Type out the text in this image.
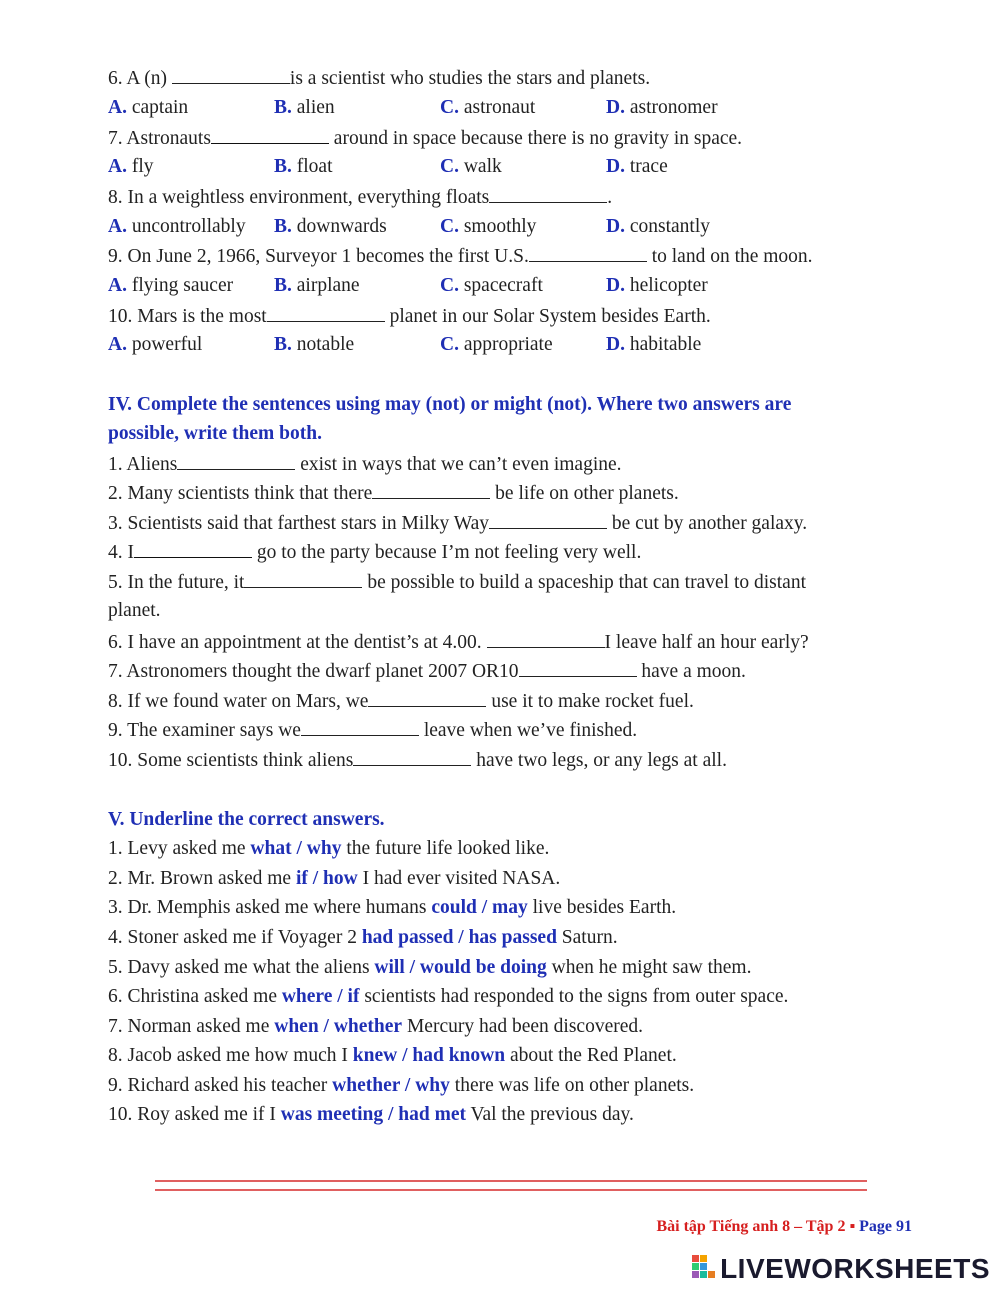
6. A (n)	is a scientist who studies the stars and planets.
A. captain	B. alien	C. astronaut	D. astronomer
7. Astronauts	around in space because there is no gravity in space.
A. fly	B. float	C. walk	D. trace
8. In a weightless environment, everything floats	.
A. uncontrollably B. downwards	C. smoothly	D. constantly
9. On June 2, 1966, Surveyor 1 becomes the first U.S.	to land on the moon.
A. flying saucer B. airplane	C. spacecraft	D. helicopter
10. Mars is the most	planet in our Solar System besides Earth.
A. powerful	B. notable	C. appropriate	D. habitable
IV. Complete the sentences using may (not) or might (not). Where two answers are
possible, write them both.
1. Aliens	exist in ways that we can’t even imagine.
2. Many scientists think that there	be life on other planets.
3. Scientists said that farthest stars in Milky Way	be cut by another galaxy.
4. I	go to the party because I’m not feeling very well.
5. In the future, it	be possible to build a spaceship that can travel to distant
planet.
6. I have an appointment at the dentist’s at 4.00.	I leave half an hour early?
7. Astronomers thought the dwarf planet 2007 OR10	have a moon.
8. If we found water on Mars, we	use it to make rocket fuel.
9. The examiner says we	leave when we’ve finished.
10. Some scientists think aliens	have two legs, or any legs at all.
V. Underline the correct answers.
1. Levy asked me what / why the future life looked like.
2. Mr. Brown asked me if / how I had ever visited NASA.
3. Dr. Memphis asked me where humans could / may live besides Earth.
4. Stoner asked me if Voyager 2 had passed / has passed Saturn.
5. Davy asked me what the aliens will / would be doing when he might saw them.
6. Christina asked me where / if scientists had responded to the signs from outer space.
7. Norman asked me when / whether Mercury had been discovered.
8. Jacob asked me how much I knew / had known about the Red Planet.
9. Richard asked his teacher whether / why there was life on other planets.
10. Roy asked me if I was meeting / had met Val the previous day.
Bài tập Tiếng anh 8 – Tập 2 ▪ Page 91
LIVEWORKSHEETS
